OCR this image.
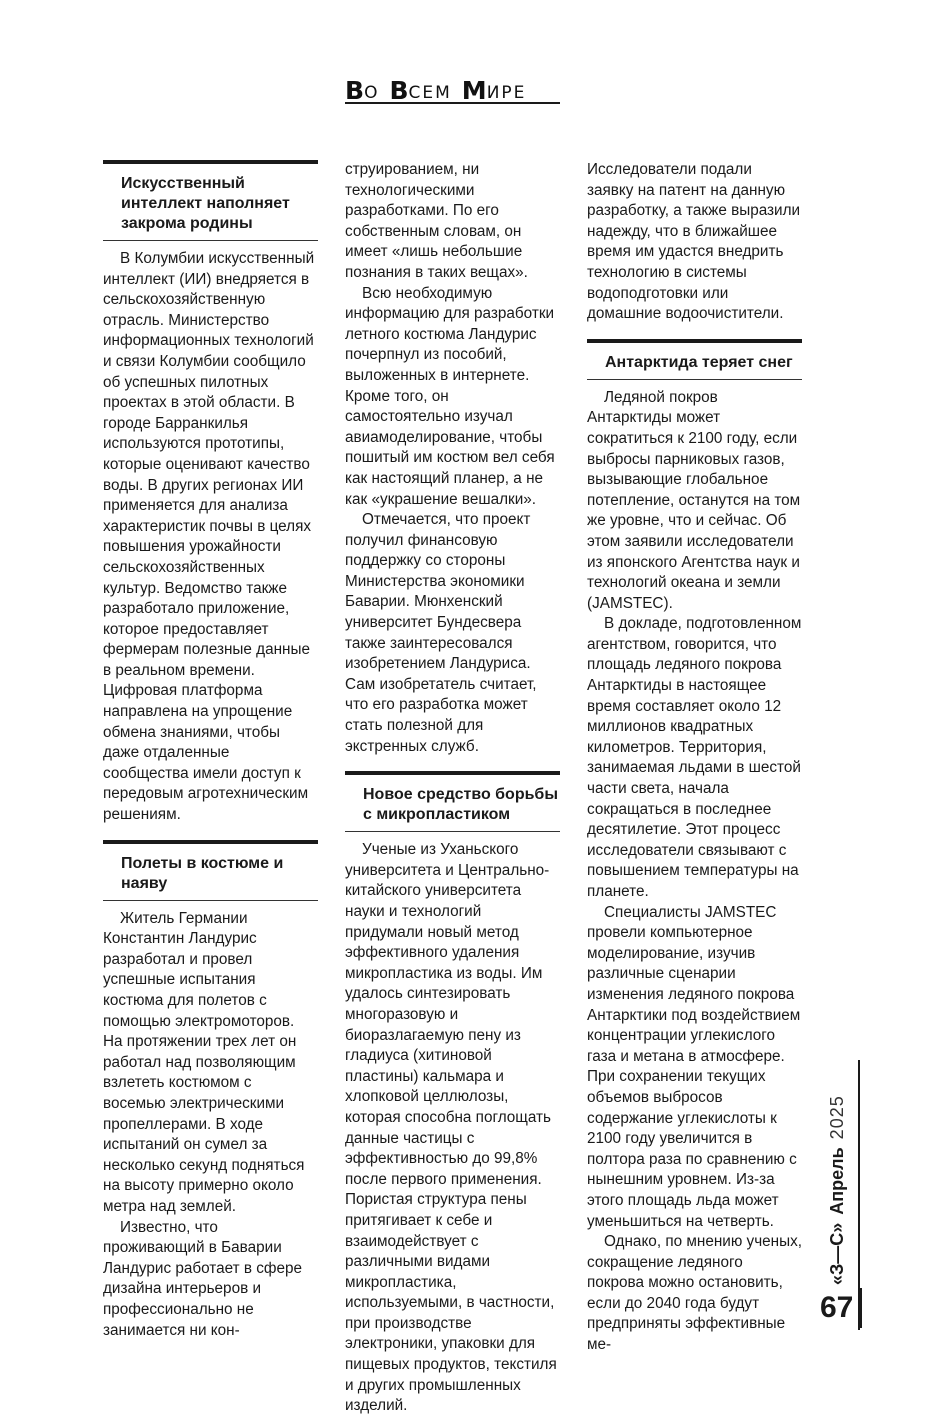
В О В СЕМ М ИРЕ
Искусственный интеллект наполняет закрома родины

В Колумбии искусственный интеллект (ИИ) внедряется в сельскохозяйственную отрасль. Министерство информационных технологий и связи Колумбии сообщило об успешных пилотных проектах в этой области. В городе Барранкилья используются прототипы, которые оценивают качество воды. В других регионах ИИ применяется для анализа характеристик почвы в целях повышения урожайности сельскохозяйственных культур. Ведомство также разработало приложение, которое предоставляет фермерам полезные данные в реальном времени. Цифровая платформа направлена на упрощение обмена знаниями, чтобы даже отдаленные сообщества имели доступ к передовым агротехническим решениям.

Полеты в костюме и наяву

Житель Германии Константин Ландурис разработал и провел успешные испытания костюма для полетов с помощью электромоторов. На протяжении трех лет он работал над позволяющим взлететь костюмом с восемью электрическими пропеллерами. В ходе испытаний он сумел за несколько секунд подняться на высоту примерно около метра над землей.

Известно, что проживающий в Баварии Ландурис работает в сфере дизайна интерьеров и профессионально не занимается ни кон-

струированием, ни технологическими разработками. По его собственным словам, он имеет «лишь небольшие познания в таких вещах».

Всю необходимую информацию для разработки летного костюма Ландурис почерпнул из пособий, выложенных в интернете. Кроме того, он самостоятельно изучал авиамоделирование, чтобы пошитый им костюм вел себя как настоящий планер, а не как «украшение вешалки».

Отмечается, что проект получил финансовую поддержку со стороны Министерства экономики Баварии. Мюнхенский университет Бундесвера также заинтересовался изобретением Ландуриса. Сам изобретатель считает, что его разработка может стать полезной для экстренных служб.

Новое средство борьбы с микропластиком

Ученые из Уханьского университета и Центрально-китайского университета науки и технологий придумали новый метод эффективного удаления микропластика из воды. Им удалось синтезировать многоразовую и биоразлагаемую пену из гладиуса (хитиновой пластины) кальмара и хлопковой целлюлозы, которая способна поглощать данные частицы с эффективностью до 99,8% после первого применения. Пористая структура пены притягивает к себе и взаимодействует с различными видами микропластика, используемыми, в частности, при производстве электроники, упаковки для пищевых продуктов, текстиля и других промышленных изделий.

Исследователи подали заявку на патент на данную разработку, а также выразили надежду, что в ближайшее время им удастся внедрить технологию в системы водоподготовки или домашние водоочистители.

Антарктида теряет снег

Ледяной покров Антарктиды может сократиться к 2100 году, если выбросы парниковых газов, вызывающие глобальное потепление, останутся на том же уровне, что и сейчас. Об этом заявили исследователи из японского Агентства наук и технологий океана и земли (JAMSTEC).

В докладе, подготовленном агентством, говорится, что площадь ледяного покрова Антарктиды в настоящее время составляет около 12 миллионов квадратных километров. Территория, занимаемая льдами в шестой части света, начала сокращаться в последнее десятилетие. Этот процесс исследователи связывают с повышением температуры на планете.

Специалисты JAMSTEC провели компьютерное моделирование, изучив различные сценарии изменения ледяного покрова Антарктики под воздействием концентрации углекислого газа и метана в атмосфере. При сохранении текущих объемов выбросов содержание углекислоты к 2100 году увеличится в полтора раза по сравнению с нынешним уровнем. Из-за этого площадь льда может уменьшиться на четверть.

Однако, по мнению ученых, сокращение ледяного покрова можно остановить, если до 2040 года будут предприняты эффективные ме-

«З—С»
Апрель
2025
67
